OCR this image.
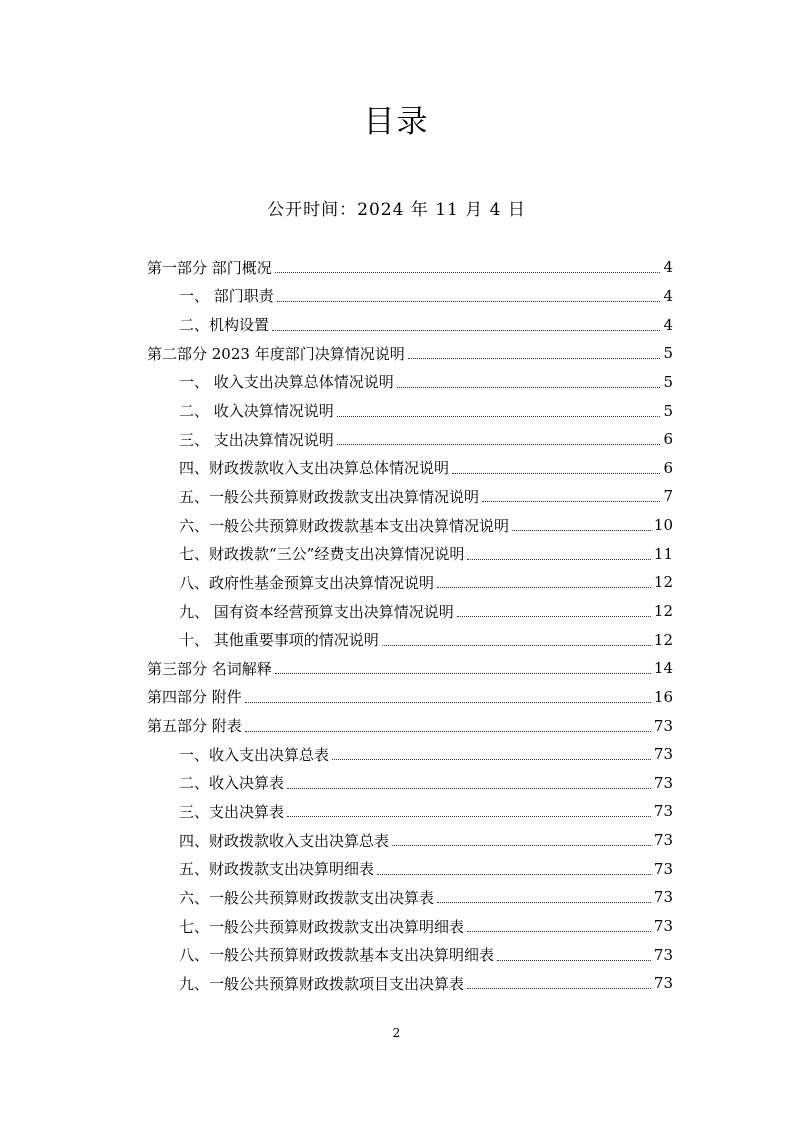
目录
公开时间：2024 年 11 月 4 日
第一部分 部门概况	4
一、 部门职责	4
二、机构设置	4
第二部分 2023 年度部门决算情况说明	5
一、 收入支出决算总体情况说明	5
二、 收入决算情况说明	5
三、 支出决算情况说明	6
四、财政拨款收入支出决算总体情况说明	6
五、一般公共预算财政拨款支出决算情况说明	7
六、一般公共预算财政拨款基本支出决算情况说明	10
七、财政拨款“三公”经费支出决算情况说明	11
八、政府性基金预算支出决算情况说明	12
九、 国有资本经营预算支出决算情况说明	12
十、 其他重要事项的情况说明	12
第三部分 名词解释	14
第四部分 附件	16
第五部分 附表	73
一、收入支出决算总表	73
二、收入决算表	73
三、支出决算表	73
四、财政拨款收入支出决算总表	73
五、财政拨款支出决算明细表	73
六、一般公共预算财政拨款支出决算表	73
七、一般公共预算财政拨款支出决算明细表	73
八、一般公共预算财政拨款基本支出决算明细表	73
九、一般公共预算财政拨款项目支出决算表	73
2
